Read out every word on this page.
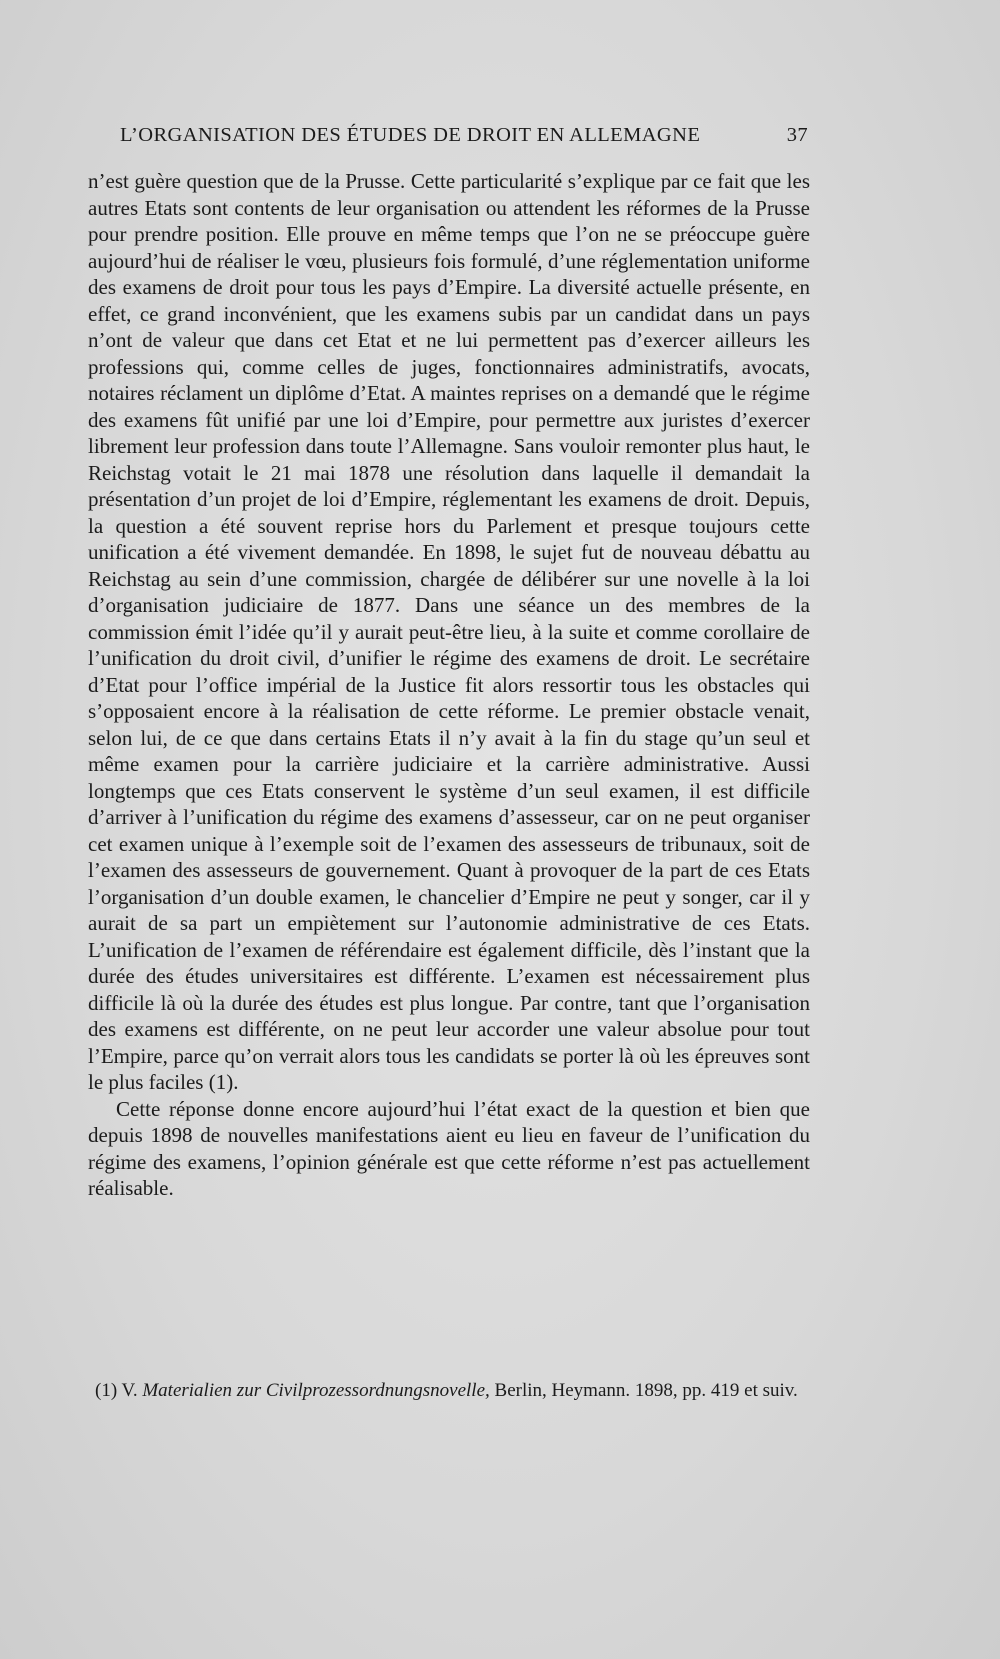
L’ORGANISATION DES ÉTUDES DE DROIT EN ALLEMAGNE	37

n’est guère question que de la Prusse. Cette particularité s’explique par ce fait que les autres Etats sont contents de leur organisation ou attendent les réformes de la Prusse pour prendre position. Elle prouve en même temps que l’on ne se préoccupe guère aujourd’hui de réaliser le vœu, plusieurs fois formulé, d’une réglementation uniforme des examens de droit pour tous les pays d’Empire. La diversité actuelle présente, en effet, ce grand inconvénient, que les examens subis par un candidat dans un pays n’ont de valeur que dans cet Etat et ne lui permettent pas d’exercer ailleurs les professions qui, comme celles de juges, fonctionnaires administratifs, avocats, notaires réclament un diplôme d’Etat. A maintes reprises on a demandé que le régime des examens fût unifié par une loi d’Empire, pour permettre aux juristes d’exercer librement leur profession dans toute l’Allemagne. Sans vouloir remonter plus haut, le Reichstag votait le 21 mai 1878 une résolution dans laquelle il demandait la présentation d’un projet de loi d’Empire, réglementant les examens de droit. Depuis, la question a été souvent reprise hors du Parlement et presque toujours cette unification a été vivement demandée. En 1898, le sujet fut de nouveau débattu au Reichstag au sein d’une commission, chargée de délibérer sur une novelle à la loi d’organisation judiciaire de 1877. Dans une séance un des membres de la commission émit l’idée qu’il y aurait peut-être lieu, à la suite et comme corollaire de l’unification du droit civil, d’unifier le régime des examens de droit. Le secrétaire d’Etat pour l’office impérial de la Justice fit alors ressortir tous les obstacles qui s’opposaient encore à la réalisation de cette réforme. Le premier obstacle venait, selon lui, de ce que dans certains Etats il n’y avait à la fin du stage qu’un seul et même examen pour la carrière judiciaire et la carrière administrative. Aussi longtemps que ces Etats conservent le système d’un seul examen, il est difficile d’arriver à l’unification du régime des examens d’assesseur, car on ne peut organiser cet examen unique à l’exemple soit de l’examen des assesseurs de tribunaux, soit de l’examen des assesseurs de gouvernement. Quant à provoquer de la part de ces Etats l’organisation d’un double examen, le chancelier d’Empire ne peut y songer, car il y aurait de sa part un empiètement sur l’autonomie administrative de ces Etats. L’unification de l’examen de référendaire est également difficile, dès l’instant que la durée des études universitaires est différente. L’examen est nécessairement plus difficile là où la durée des études est plus longue. Par contre, tant que l’organisation des examens est différente, on ne peut leur accorder une valeur absolue pour tout l’Empire, parce qu’on verrait alors tous les candidats se porter là où les épreuves sont le plus faciles (1).

Cette réponse donne encore aujourd’hui l’état exact de la question et bien que depuis 1898 de nouvelles manifestations aient eu lieu en faveur de l’unification du régime des examens, l’opinion générale est que cette réforme n’est pas actuellement réalisable.

(1) V. Materialien zur Civilprozessordnungsnovelle, Berlin, Heymann. 1898, pp. 419 et suiv.
